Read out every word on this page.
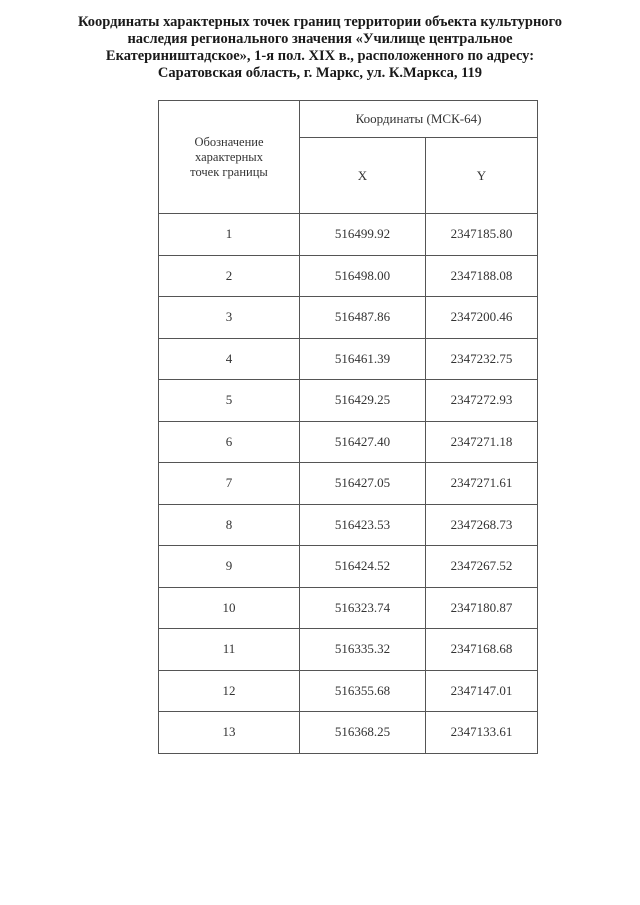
Координаты характерных точек границ территории объекта культурного
наследия регионального значения «Училище центральное
Екатериништадское», 1-я пол. XIX в., расположенного по адресу:
Саратовская область, г. Маркс, ул. К.Маркса, 119
Обозначение
характерных
точек границы	Координаты (МСК-64)	
	X	Y
1	516499.92	2347185.80
2	516498.00	2347188.08
3	516487.86	2347200.46
4	516461.39	2347232.75
5	516429.25	2347272.93
6	516427.40	2347271.18
7	516427.05	2347271.61
8	516423.53	2347268.73
9	516424.52	2347267.52
10	516323.74	2347180.87
11	516335.32	2347168.68
12	516355.68	2347147.01
13	516368.25	2347133.61
